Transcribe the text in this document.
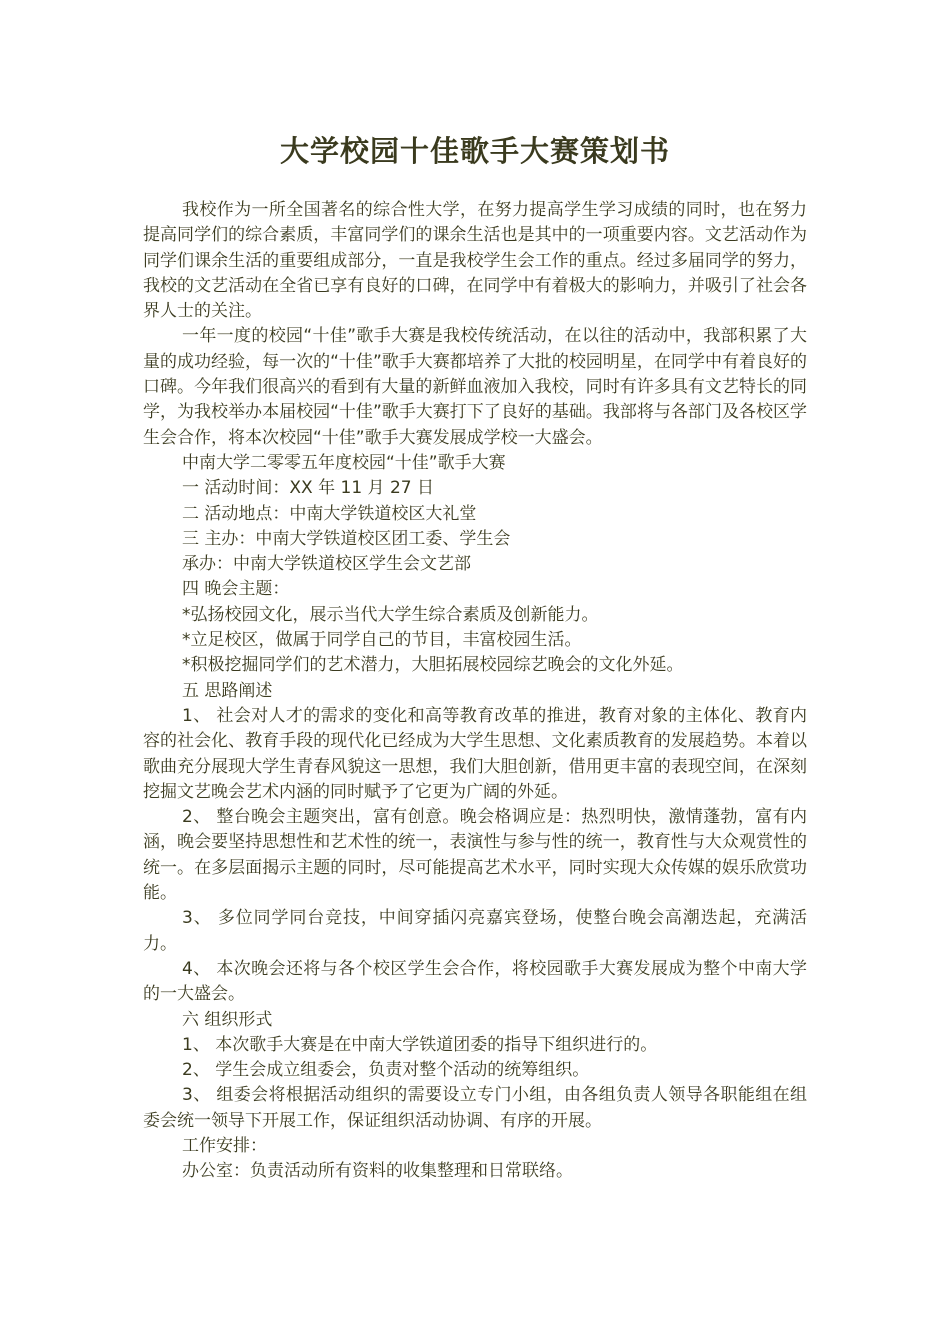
大学校园十佳歌手大赛策划书

我校作为一所全国著名的综合性大学，在努力提高学生学习成绩的同时，也在努力提高同学们的综合素质，丰富同学们的课余生活也是其中的一项重要内容。文艺活动作为同学们课余生活的重要组成部分，一直是我校学生会工作的重点。经过多届同学的努力，我校的文艺活动在全省已享有良好的口碑，在同学中有着极大的影响力，并吸引了社会各界人士的关注。

一年一度的校园“十佳”歌手大赛是我校传统活动，在以往的活动中，我部积累了大量的成功经验，每一次的“十佳”歌手大赛都培养了大批的校园明星，在同学中有着良好的口碑。今年我们很高兴的看到有大量的新鲜血液加入我校，同时有许多具有文艺特长的同学，为我校举办本届校园“十佳”歌手大赛打下了良好的基础。我部将与各部门及各校区学生会合作，将本次校园“十佳”歌手大赛发展成学校一大盛会。

中南大学二零零五年度校园“十佳”歌手大赛

一 活动时间：XX 年 11 月 27 日

二 活动地点：中南大学铁道校区大礼堂

三 主办：中南大学铁道校区团工委、学生会

承办：中南大学铁道校区学生会文艺部

四 晚会主题：

*弘扬校园文化，展示当代大学生综合素质及创新能力。

*立足校区，做属于同学自己的节目，丰富校园生活。

*积极挖掘同学们的艺术潜力，大胆拓展校园综艺晚会的文化外延。

五 思路阐述

1、 社会对人才的需求的变化和高等教育改革的推进，教育对象的主体化、教育内容的社会化、教育手段的现代化已经成为大学生思想、文化素质教育的发展趋势。本着以歌曲充分展现大学生青春风貌这一思想，我们大胆创新，借用更丰富的表现空间，在深刻挖掘文艺晚会艺术内涵的同时赋予了它更为广阔的外延。

2、 整台晚会主题突出，富有创意。晚会格调应是：热烈明快，激情蓬勃，富有内涵，晚会要坚持思想性和艺术性的统一，表演性与参与性的统一，教育性与大众观赏性的统一。在多层面揭示主题的同时，尽可能提高艺术水平，同时实现大众传媒的娱乐欣赏功能。

3、 多位同学同台竞技，中间穿插闪亮嘉宾登场，使整台晚会高潮迭起，充满活力。

4、 本次晚会还将与各个校区学生会合作，将校园歌手大赛发展成为整个中南大学的一大盛会。

六 组织形式

1、 本次歌手大赛是在中南大学铁道团委的指导下组织进行的。

2、 学生会成立组委会，负责对整个活动的统筹组织。

3、 组委会将根据活动组织的需要设立专门小组，由各组负责人领导各职能组在组委会统一领导下开展工作，保证组织活动协调、有序的开展。

工作安排：

办公室：负责活动所有资料的收集整理和日常联络。
